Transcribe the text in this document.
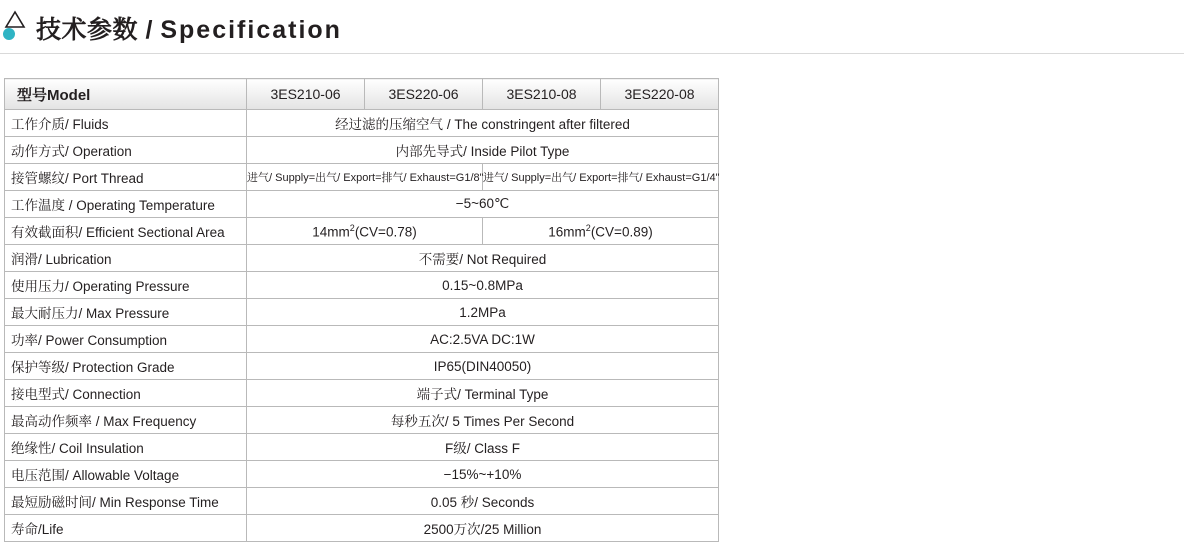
技术参数 / Specification
型号Model	3ES210-06	3ES220-06	3ES210-08	3ES220-08
工作介质/ Fluids	经过滤的压缩空气 / The constringent after filtered			
动作方式/ Operation	内部先导式/ Inside Pilot Type			
接管螺纹/ Port Thread	进气/ Supply=出气/ Export=排气/ Exhaust=G1/8"		进气/ Supply=出气/ Export=排气/ Exhaust=G1/4"	
工作温度 / Operating Temperature	−5~60℃			
有效截面积/ Efficient Sectional Area	$14mm^2(CV=0.78)$		$16mm^2(CV=0.89)$	
润滑/ Lubrication	不需要/ Not Required			
使用压力/ Operating Pressure	0.15~0.8MPa			
最大耐压力/ Max Pressure	1.2MPa			
功率/ Power Consumption	AC:2.5VA DC:1W			
保护等级/ Protection Grade	IP65(DIN40050)			
接电型式/ Connection	端子式/ Terminal Type			
最高动作频率 / Max Frequency	每秒五次/ 5 Times Per Second			
绝缘性/ Coil Insulation	F级/ Class F			
电压范围/ Allowable Voltage	−15%~+10%			
最短励磁时间/ Min Response Time	0.05 秒/ Seconds			
寿命/Life	2500万次/25 Million			
